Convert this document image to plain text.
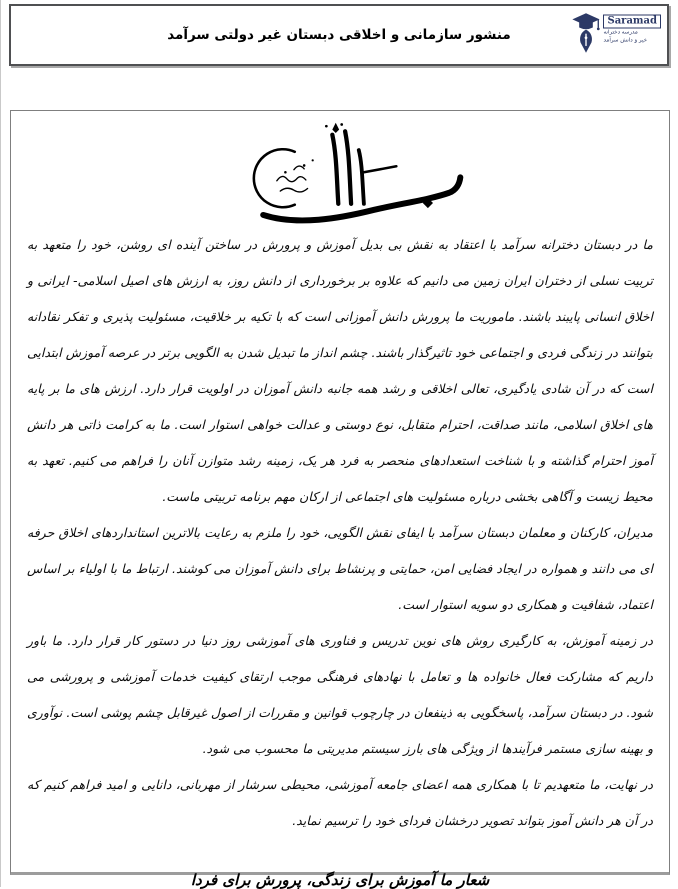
منشور سازمانی و اخلاقی دبستان غیر دولتی سرآمد
Saramad
مدرسه دخترانه
خیر و دانش سرآمد

ما در دبستان دخترانه سرآمد با اعتقاد به نقش بی بدیل آموزش و پرورش در ساختن آینده ای روشن، خود را متعهد به تربیت نسلی از دختران ایران زمین می دانیم که علاوه بر برخورداری از دانش روز، به ارزش های اصیل اسلامی- ایرانی و اخلاق انسانی پایبند باشند. ماموریت ما پرورش دانش آموزانی است که با تکیه بر خلاقیت، مسئولیت پذیری و تفکر نقادانه بتوانند در زندگی فردی و اجتماعی خود تاثیرگذار باشند. چشم انداز ما تبدیل شدن به الگویی برتر در عرصه آموزش ابتدایی است که در آن شادی یادگیری، تعالی اخلاقی و رشد همه جانبه دانش آموزان در اولویت قرار دارد. ارزش های ما بر پایه های اخلاق اسلامی، مانند صداقت، احترام متقابل، نوع دوستی و عدالت خواهی استوار است. ما به کرامت ذاتی هر دانش آموز احترام گذاشته و با شناخت استعدادهای منحصر به فرد هر یک، زمینه رشد متوازن آنان را فراهم می کنیم. تعهد به محیط زیست و آگاهی بخشی درباره مسئولیت های اجتماعی از ارکان مهم برنامه تربیتی ماست.

مدیران، کارکنان و معلمان دبستان سرآمد با ایفای نقش الگویی، خود را ملزم به رعایت بالاترین استانداردهای اخلاق حرفه ای می دانند و همواره در ایجاد فضایی امن، حمایتی و پرنشاط برای دانش آموزان می کوشند. ارتباط ما با اولیاء بر اساس اعتماد، شفافیت و همکاری دو سویه استوار است.

در زمینه آموزش، به کارگیری روش های نوین تدریس و فناوری های آموزشی روز دنیا در دستور کار قرار دارد. ما باور داریم که مشارکت فعال خانواده ها و تعامل با نهادهای فرهنگی موجب ارتقای کیفیت خدمات آموزشی و پرورشی می شود. در دبستان سرآمد، پاسخگویی به ذینفعان در چارچوب قوانین و مقررات از اصول غیرقابل چشم پوشی است. نوآوری و بهینه سازی مستمر فرآیندها از ویژگی های بارز سیستم مدیریتی ما محسوب می شود.

در نهایت، ما متعهدیم تا با همکاری همه اعضای جامعه آموزشی، محیطی سرشار از مهربانی، دانایی و امید فراهم کنیم که در آن هر دانش آموز بتواند تصویر درخشان فردای خود را ترسیم نماید.

شعار ما آموزش برای زندگی، پرورش برای فردا
